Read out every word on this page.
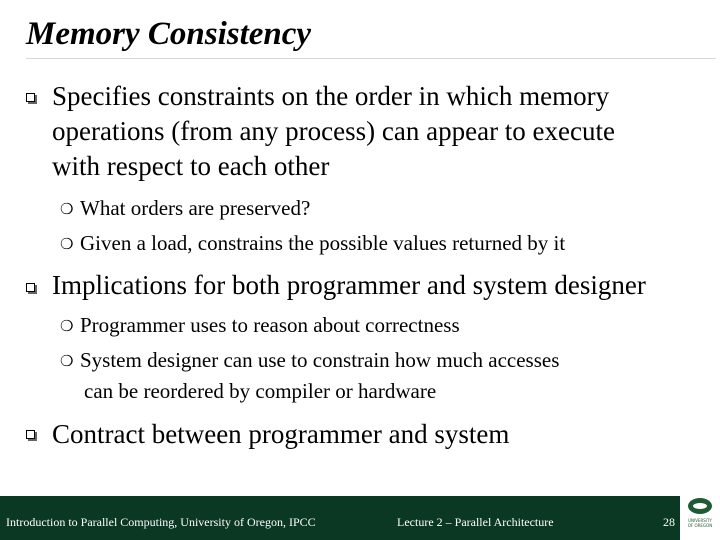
Memory Consistency
Specifies constraints on the order in which memory
operations (from any process) can appear to execute
with respect to each other
❍ What orders are preserved?
❍ Given a load, constrains the possible values returned by it
Implications for both programmer and system designer
❍ Programmer uses to reason about correctness
❍ System designer can use to constrain how much accesses
can be reordered by compiler or hardware
Contract between programmer and system
Introduction to Parallel Computing, University of Oregon, IPCC	Lecture 2 – Parallel Architecture	28	UNIVERSITY
OF OREGON
